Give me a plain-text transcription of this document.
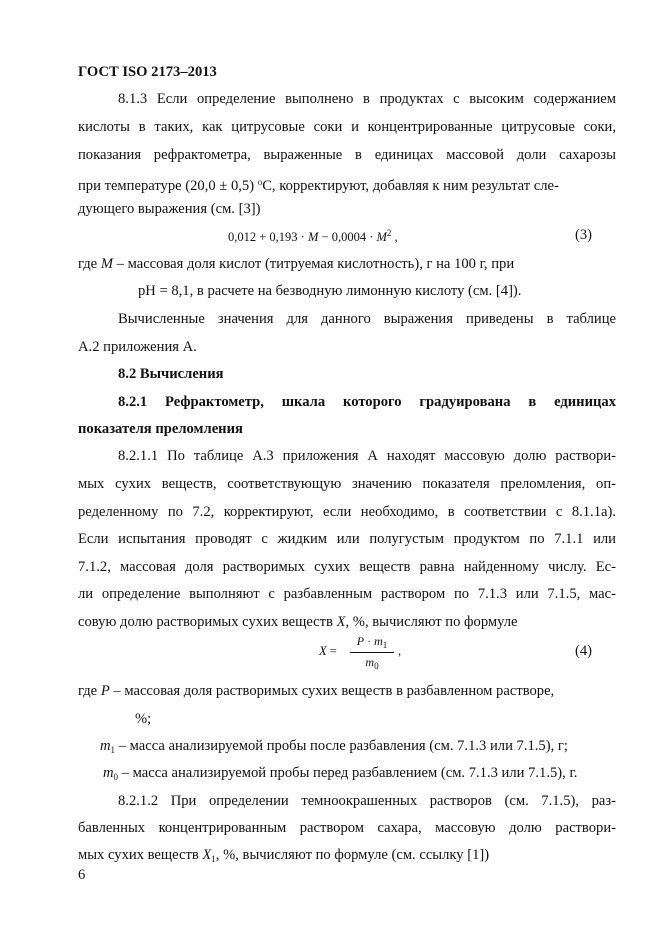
ГОСТ ISO 2173–2013
8.1.3 Если определение выполнено в продуктах с высоким содержанием
кислоты в таких, как цитрусовые соки и концентрированные цитрусовые соки,
показания рефрактометра, выраженные в единицах массовой доли сахарозы
при температуре (20,0 ± 0,5) $^o$С, корректируют, добавляя к ним результат сле-
дующего выражения (см. [3])
$0,012 + 0,193 \cdot M - 0,0004 \cdot M^2$ ,	(3)
где M – массовая доля кислот (титруемая кислотность), г на 100 г, при
pH = 8,1, в расчете на безводную лимонную кислоту (см. [4]).
Вычисленные значения для данного выражения приведены в таблице
А.2 приложения А.
8.2 Вычисления
8.2.1 Рефрактометр, шкала которого градуирована в единицах
показателя преломления
8.2.1.1 По таблице А.3 приложения А находят массовую долю раствори-
мых сухих веществ, соответствующую значению показателя преломления, оп-
ределенному по 7.2, корректируют, если необходимо, в соответствии с 8.1.1а).
Если испытания проводят с жидким или полугустым продуктом по 7.1.1 или
7.1.2, массовая доля растворимых сухих веществ равна найденному числу. Ес-
ли определение выполняют с разбавленным раствором по 7.1.3 или 7.1.5, мас-
совую долю растворимых сухих веществ X, %, вычисляют по формуле
X =
$P \cdot m_1$
$m_0$
,	(4)
где P – массовая доля растворимых сухих веществ в разбавленном растворе,
%;
$m_1$ – масса анализируемой пробы после разбавления (см. 7.1.3 или 7.1.5), г;
$m_0$ – масса анализируемой пробы перед разбавлением (см. 7.1.3 или 7.1.5), г.
8.2.1.2 При определении темноокрашенных растворов (см. 7.1.5), раз-
бавленных концентрированным раствором сахара, массовую долю раствори-
мых сухих веществ $X_1$, %, вычисляют по формуле (см. ссылку [1])
6
